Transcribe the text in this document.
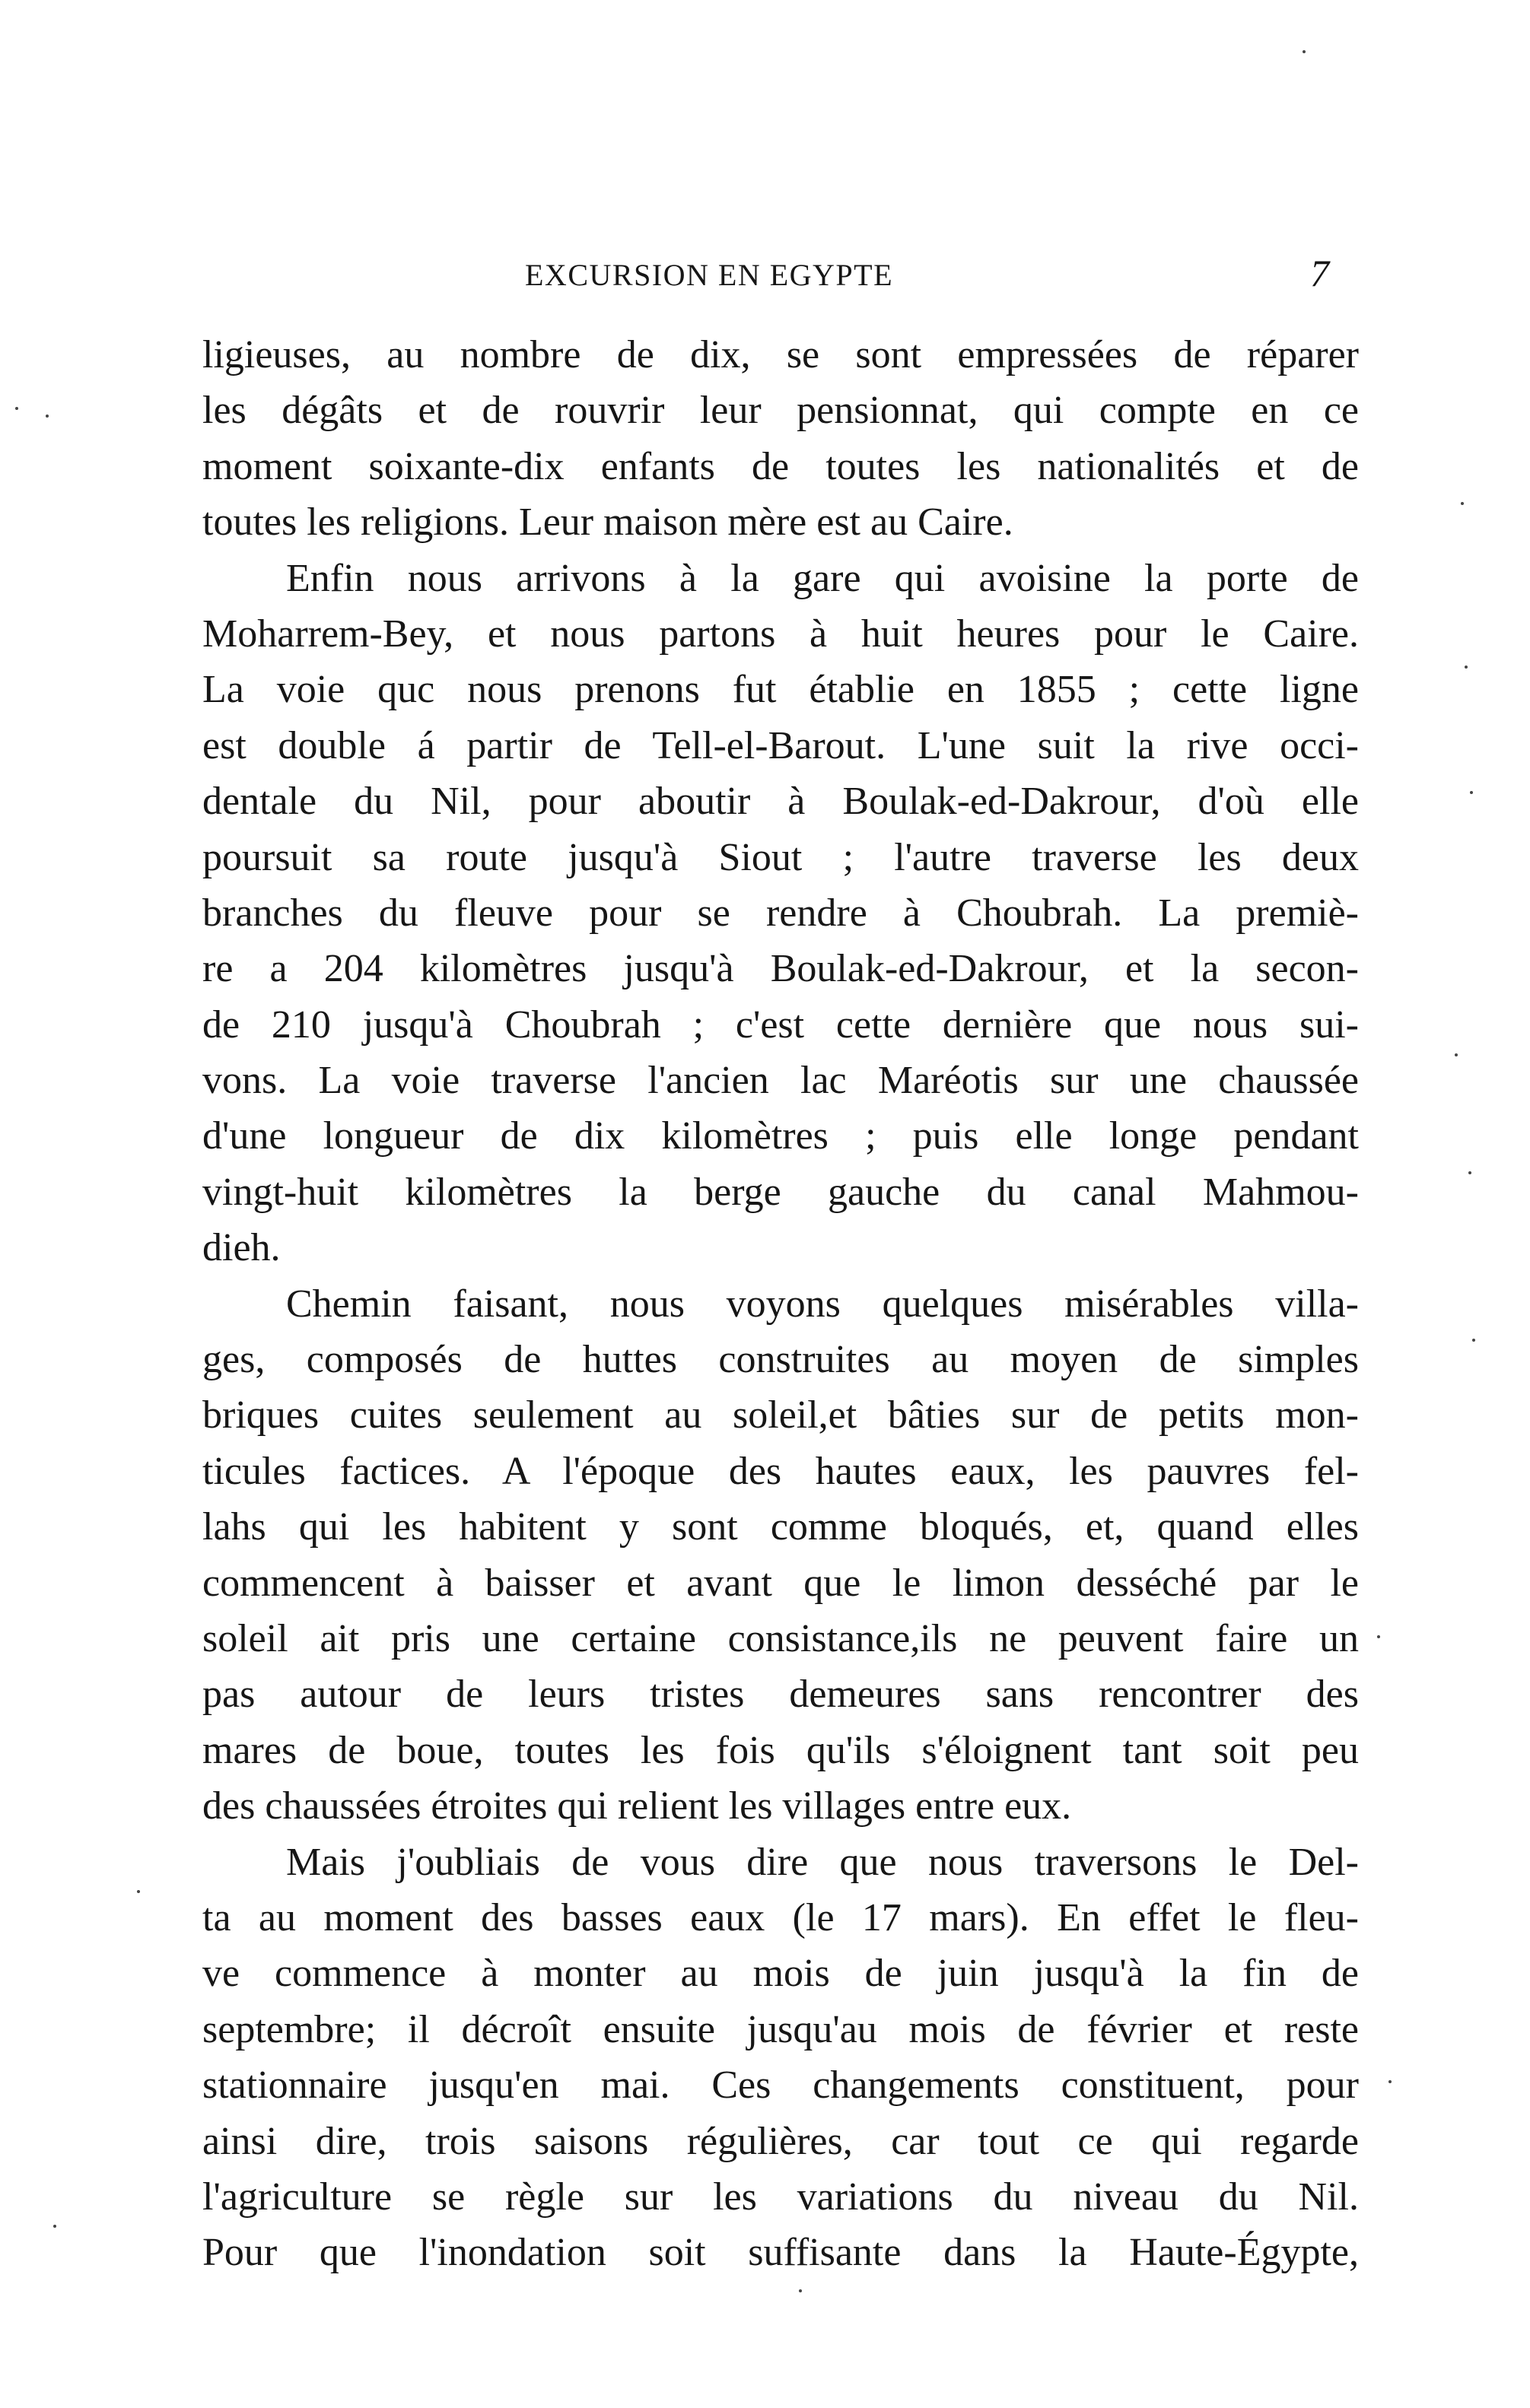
EXCURSION EN EGYPTE	7
ligieuses, au nombre de dix, se sont empressées de réparer
les dégâts et de rouvrir leur pensionnat, qui compte en ce
moment soixante-dix enfants de toutes les nationalités et de
toutes les religions. Leur maison mère est au Caire.
Enfin nous arrivons à la gare qui avoisine la porte de
Moharrem-Bey, et nous partons à huit heures pour le Caire.
La voie quc nous prenons fut établie en 1855 ; cette ligne
est double á partir de Tell-el-Barout. L'une suit la rive occi-
dentale du Nil, pour aboutir à Boulak-ed-Dakrour, d'où elle
poursuit sa route jusqu'à Siout ; l'autre traverse les deux
branches du fleuve pour se rendre à Choubrah. La premiè-
re a 204 kilomètres jusqu'à Boulak-ed-Dakrour, et la secon-
de 210 jusqu'à Choubrah ; c'est cette dernière que nous sui-
vons. La voie traverse l'ancien lac Maréotis sur une chaussée
d'une longueur de dix kilomètres ; puis elle longe pendant
vingt-huit kilomètres la berge gauche du canal Mahmou-
dieh.
Chemin faisant, nous voyons quelques misérables villa-
ges, composés de huttes construites au moyen de simples
briques cuites seulement au soleil,et bâties sur de petits mon-
ticules factices. A l'époque des hautes eaux, les pauvres fel-
lahs qui les habitent y sont comme bloqués, et, quand elles
commencent à baisser et avant que le limon desséché par le
soleil ait pris une certaine consistance,ils ne peuvent faire un
pas autour de leurs tristes demeures sans rencontrer des
mares de boue, toutes les fois qu'ils s'éloignent tant soit peu
des chaussées étroites qui relient les villages entre eux.
Mais j'oubliais de vous dire que nous traversons le Del-
ta au moment des basses eaux (le 17 mars). En effet le fleu-
ve commence à monter au mois de juin jusqu'à la fin de
septembre; il décroît ensuite jusqu'au mois de février et reste
stationnaire jusqu'en mai. Ces changements constituent, pour
ainsi dire, trois saisons régulières, car tout ce qui regarde
l'agriculture se règle sur les variations du niveau du Nil.
Pour que l'inondation soit suffisante dans la Haute-Égypte,
